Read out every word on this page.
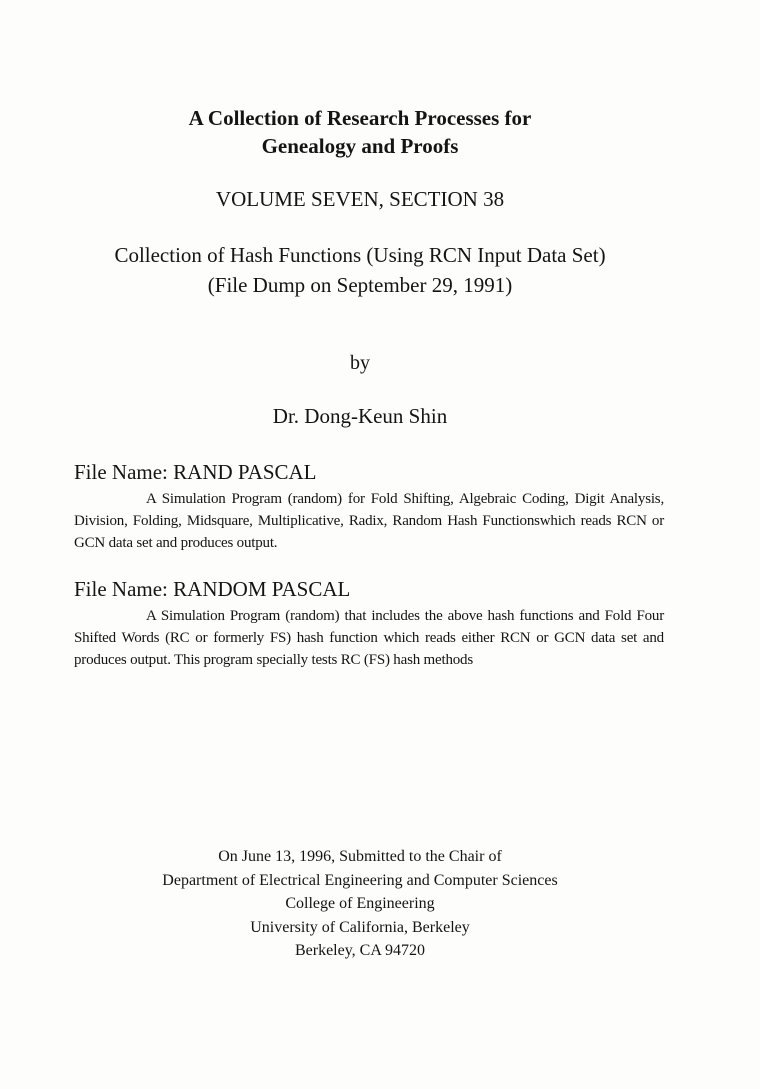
A Collection of Research Processes for
Genealogy and Proofs
VOLUME SEVEN, SECTION 38
Collection of Hash Functions (Using RCN Input Data Set)
(File Dump on September 29, 1991)
by
Dr. Dong-Keun Shin
File Name: RAND PASCAL
A Simulation Program (random) for Fold Shifting, Algebraic Coding, Digit Analysis, Division, Folding, Midsquare, Multiplicative, Radix, Random Hash Functionswhich reads RCN or GCN data set and produces output.
File Name: RANDOM PASCAL
A Simulation Program (random) that includes the above hash functions and Fold Four Shifted Words (RC or formerly FS) hash function which reads either RCN or GCN data set and produces output. This program specially tests RC (FS) hash methods
On June 13, 1996, Submitted to the Chair of
Department of Electrical Engineering and Computer Sciences
College of Engineering
University of California, Berkeley
Berkeley, CA 94720
